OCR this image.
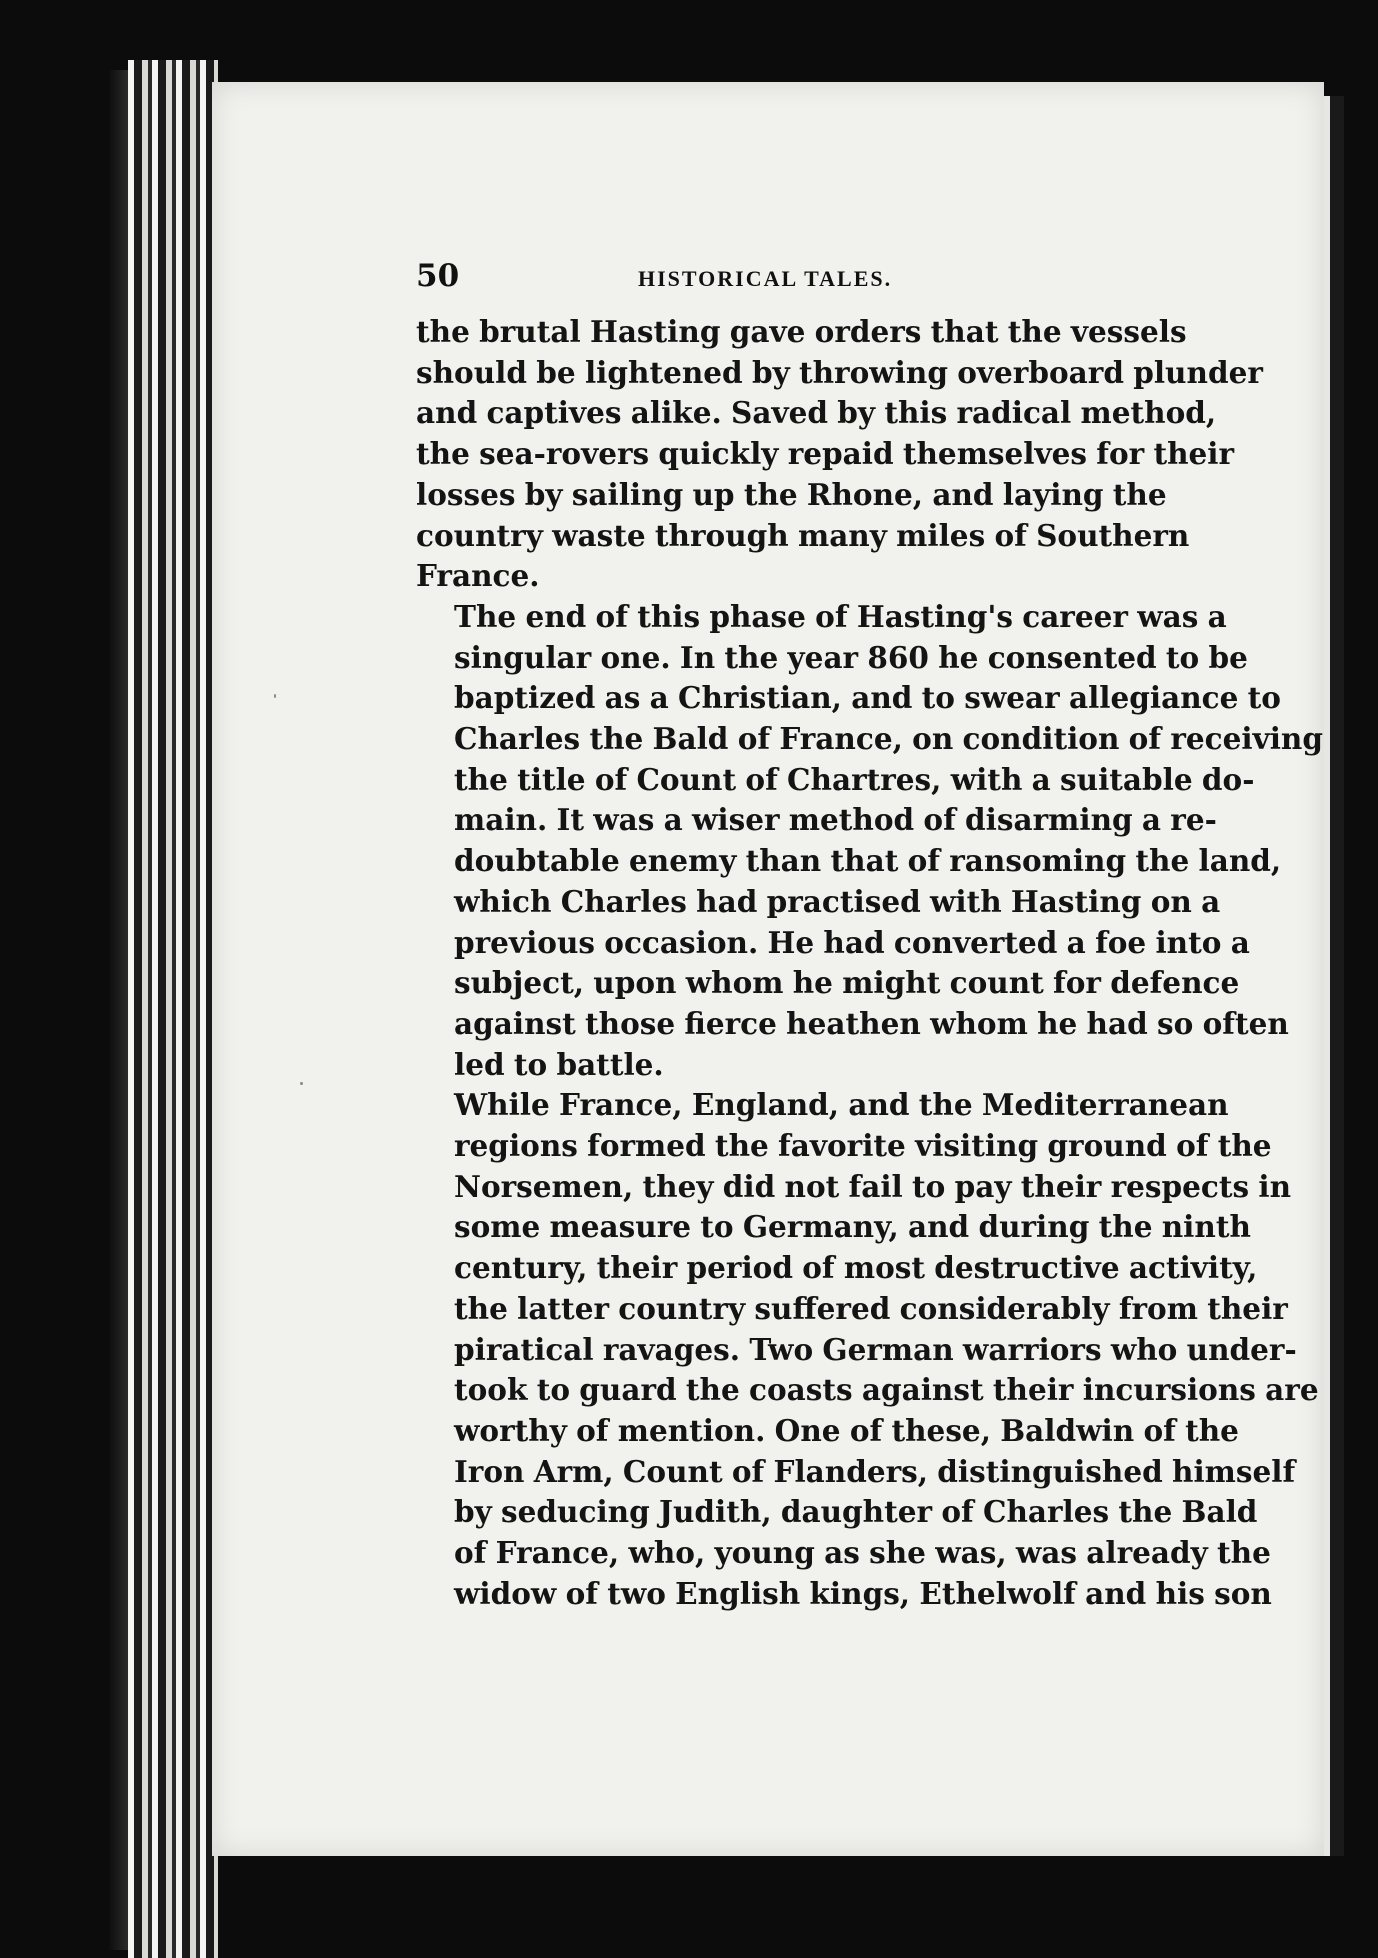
50	HISTORICAL TALES.

the brutal Hasting gave orders that the vessels
should be lightened by throwing overboard plunder
and captives alike. Saved by this radical method,
the sea-rovers quickly repaid themselves for their
losses by sailing up the Rhone, and laying the
country waste through many miles of Southern
France.

The end of this phase of Hasting's career was a
singular one. In the year 860 he consented to be
baptized as a Christian, and to swear allegiance to
Charles the Bald of France, on condition of receiving
the title of Count of Chartres, with a suitable do-
main. It was a wiser method of disarming a re-
doubtable enemy than that of ransoming the land,
which Charles had practised with Hasting on a
previous occasion. He had converted a foe into a
subject, upon whom he might count for defence
against those fierce heathen whom he had so often
led to battle.

While France, England, and the Mediterranean
regions formed the favorite visiting ground of the
Norsemen, they did not fail to pay their respects in
some measure to Germany, and during the ninth
century, their period of most destructive activity,
the latter country suffered considerably from their
piratical ravages. Two German warriors who under-
took to guard the coasts against their incursions are
worthy of mention. One of these, Baldwin of the
Iron Arm, Count of Flanders, distinguished himself
by seducing Judith, daughter of Charles the Bald
of France, who, young as she was, was already the
widow of two English kings, Ethelwolf and his son
